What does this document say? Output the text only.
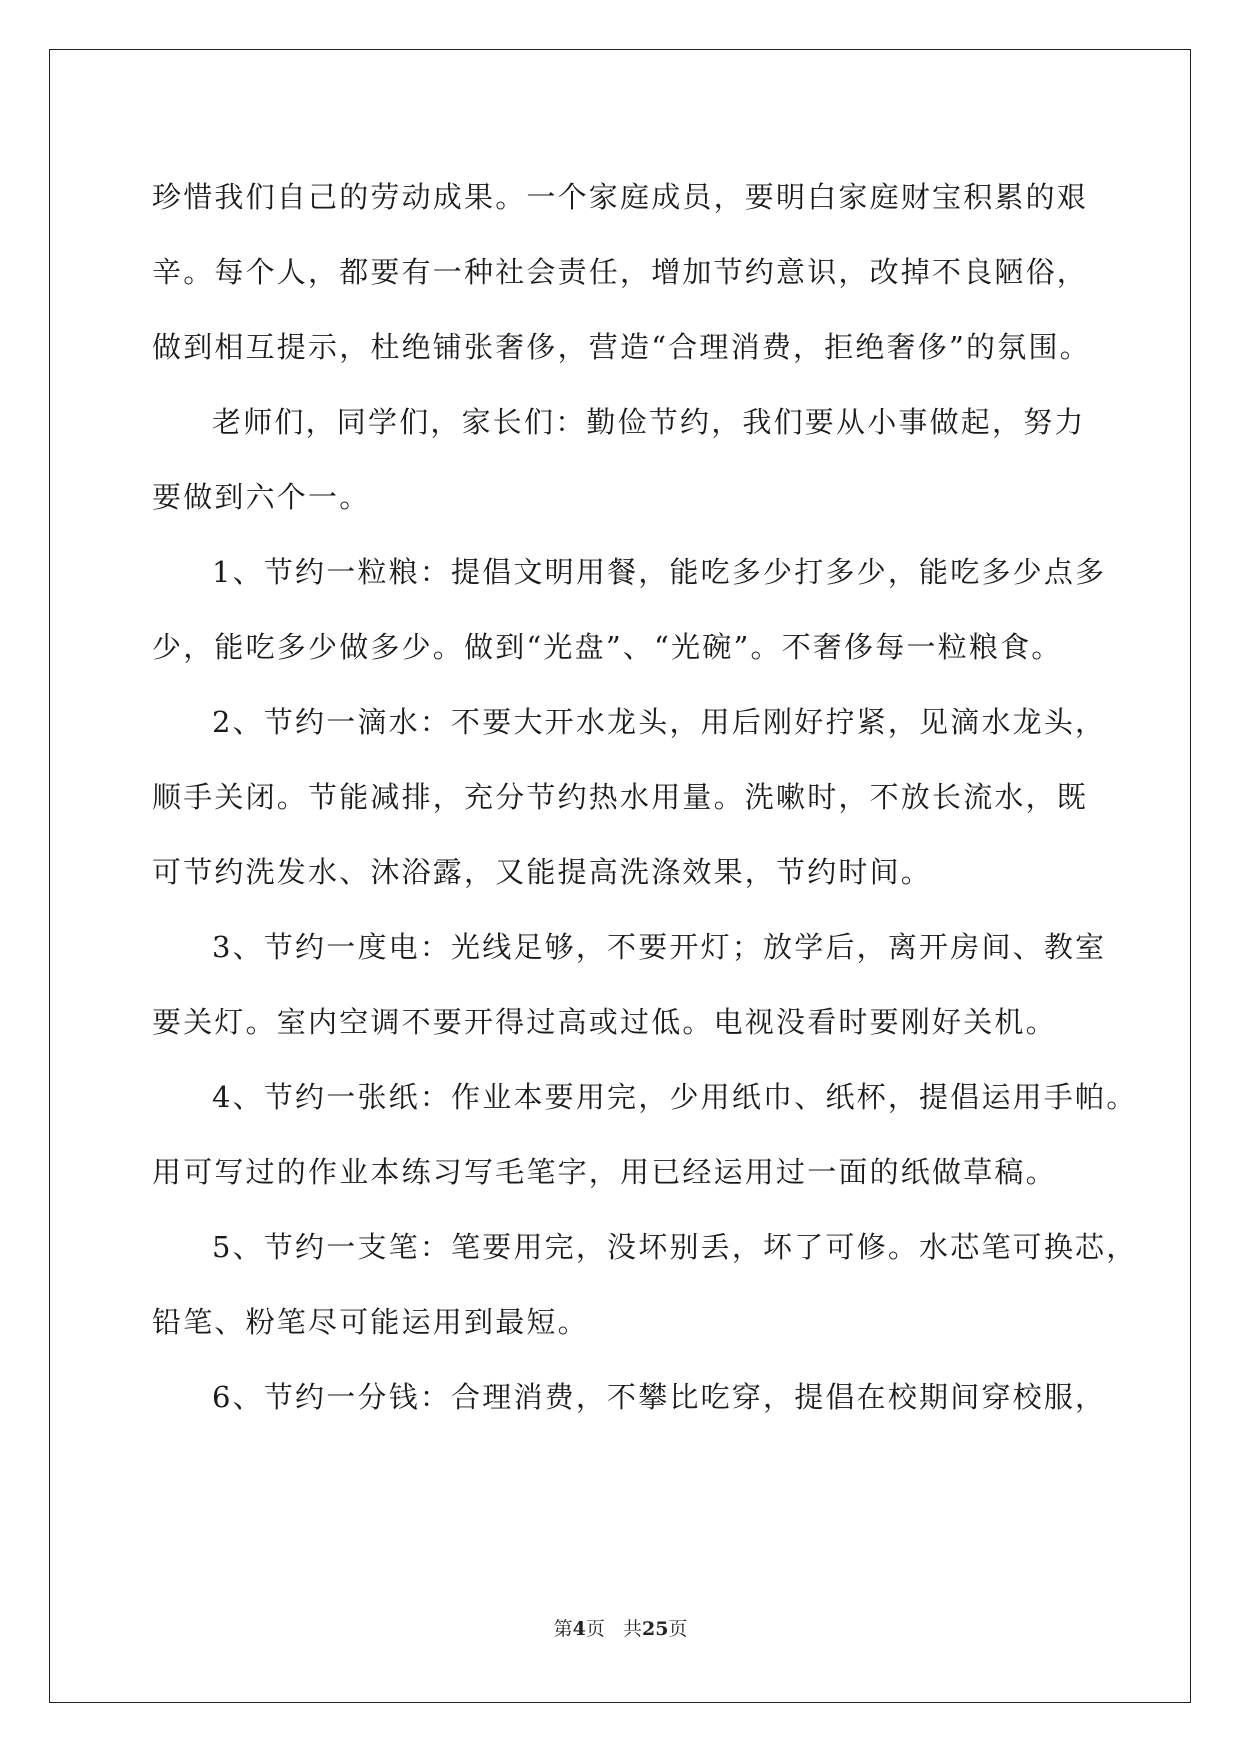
珍惜我们自己的劳动成果。一个家庭成员，要明白家庭财宝积累的艰
辛。每个人，都要有一种社会责任，增加节约意识，改掉不良陋俗，
做到相互提示，杜绝铺张奢侈，营造“合理消费，拒绝奢侈”的氛围。
老师们，同学们，家长们：勤俭节约，我们要从小事做起，努力
要做到六个一。
1、节约一粒粮：提倡文明用餐，能吃多少打多少，能吃多少点多
少，能吃多少做多少。做到“光盘”、“光碗”。不奢侈每一粒粮食。
2、节约一滴水：不要大开水龙头，用后刚好拧紧，见滴水龙头，
顺手关闭。节能减排，充分节约热水用量。洗嗽时，不放长流水，既
可节约洗发水、沐浴露，又能提高洗涤效果，节约时间。
3、节约一度电：光线足够，不要开灯；放学后，离开房间、教室
要关灯。室内空调不要开得过高或过低。电视没看时要刚好关机。
4、节约一张纸：作业本要用完，少用纸巾、纸杯，提倡运用手帕。
用可写过的作业本练习写毛笔字，用已经运用过一面的纸做草稿。
5、节约一支笔：笔要用完，没坏别丢，坏了可修。水芯笔可换芯，
铅笔、粉笔尽可能运用到最短。
6、节约一分钱：合理消费，不攀比吃穿，提倡在校期间穿校服，
第4页 共25页
